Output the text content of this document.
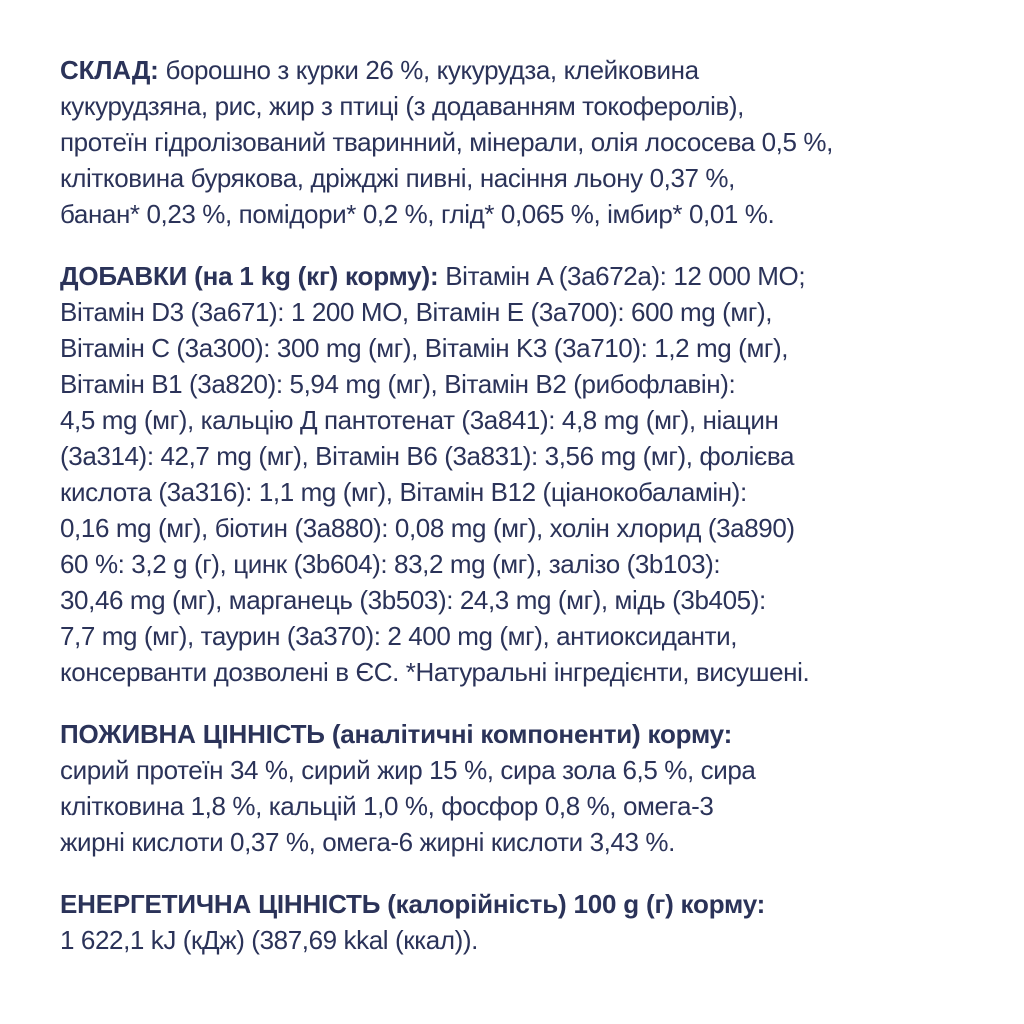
СКЛАД: борошно з курки 26 %, кукурудза, клейковина
кукурудзяна, рис, жир з птиці (з додаванням токоферолів),
протеїн гідролізований тваринний, мінерали, олія лососева 0,5 %,
клітковина бурякова, дріжджі пивні, насіння льону 0,37 %,
банан* 0,23 %, помідори* 0,2 %, глід* 0,065 %, імбир* 0,01 %.

ДОБАВКИ (на 1 kg (кг) корму): Вітамін A (3a672a): 12 000 МО;
Вітамін D3 (3a671): 1 200 МО, Вітамін E (3a700): 600 mg (мг),
Вітамін C (3a300): 300 mg (мг), Вітамін K3 (3a710): 1,2 mg (мг),
Вітамін B1 (3a820): 5,94 mg (мг), Вітамін B2 (рибофлавін):
4,5 mg (мг), кальцію Д пантотенат (3a841): 4,8 mg (мг), ніацин
(3a314): 42,7 mg (мг), Вітамін B6 (3a831): 3,56 mg (мг), фолієва
кислота (3a316): 1,1 mg (мг), Вітамін B12 (ціанокобаламін):
0,16 mg (мг), біотин (3a880): 0,08 mg (мг), холін хлорид (3a890)
60 %: 3,2 g (г), цинк (3b604): 83,2 mg (мг), залізо (3b103):
30,46 mg (мг), марганець (3b503): 24,3 mg (мг), мідь (3b405):
7,7 mg (мг), таурин (3a370): 2 400 mg (мг), антиоксиданти,
консерванти дозволені в ЄС. *Натуральні інгредієнти, висушені.

ПОЖИВНА ЦІННІСТЬ (аналітичні компоненти) корму:
сирий протеїн 34 %, сирий жир 15 %, сира зола 6,5 %, сира
клітковина 1,8 %, кальцій 1,0 %, фосфор 0,8 %, омега-3
жирні кислоти 0,37 %, омега-6 жирні кислоти 3,43 %.

ЕНЕРГЕТИЧНА ЦІННІСТЬ (калорійність) 100 g (г) корму:
1 622,1 kJ (кДж) (387,69 kkal (ккал)).
